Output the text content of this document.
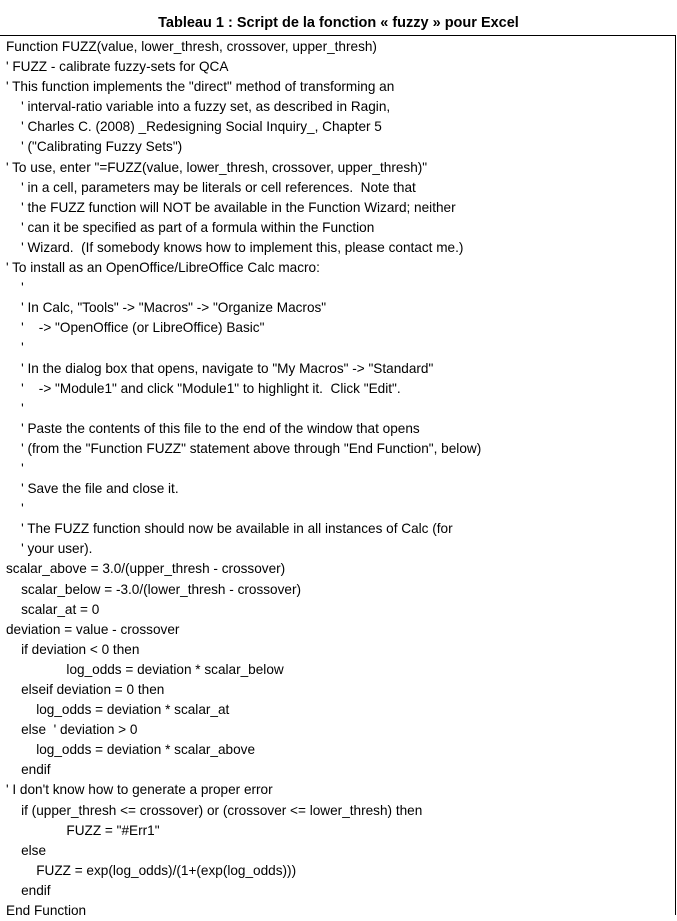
Tableau 1 : Script de la fonction « fuzzy » pour Excel
Function FUZZ(value, lower_thresh, crossover, upper_thresh)
' FUZZ - calibrate fuzzy-sets for QCA
' This function implements the "direct" method of transforming an
' interval-ratio variable into a fuzzy set, as described in Ragin,
' Charles C. (2008) _Redesigning Social Inquiry_, Chapter 5
' ("Calibrating Fuzzy Sets")
' To use, enter "=FUZZ(value, lower_thresh, crossover, upper_thresh)"
' in a cell, parameters may be literals or cell references.  Note that
' the FUZZ function will NOT be available in the Function Wizard; neither
' can it be specified as part of a formula within the Function
' Wizard.  (If somebody knows how to implement this, please contact me.)
' To install as an OpenOffice/LibreOffice Calc macro:
'
' In Calc, "Tools" -> "Macros" -> "Organize Macros"
'    -> "OpenOffice (or LibreOffice) Basic"
'
' In the dialog box that opens, navigate to "My Macros" -> "Standard"
'    -> "Module1" and click "Module1" to highlight it.  Click "Edit".
'
' Paste the contents of this file to the end of the window that opens
' (from the "Function FUZZ" statement above through "End Function", below)
'
' Save the file and close it.
'
' The FUZZ function should now be available in all instances of Calc (for
' your user).
scalar_above = 3.0/(upper_thresh - crossover)
scalar_below = -3.0/(lower_thresh - crossover)
scalar_at = 0
deviation = value - crossover
if deviation < 0 then
log_odds = deviation * scalar_below
elseif deviation = 0 then
log_odds = deviation * scalar_at
else  ' deviation > 0
log_odds = deviation * scalar_above
endif
' I don't know how to generate a proper error
if (upper_thresh <= crossover) or (crossover <= lower_thresh) then
FUZZ = "#Err1"
else
FUZZ = exp(log_odds)/(1+(exp(log_odds)))
endif
End Function
